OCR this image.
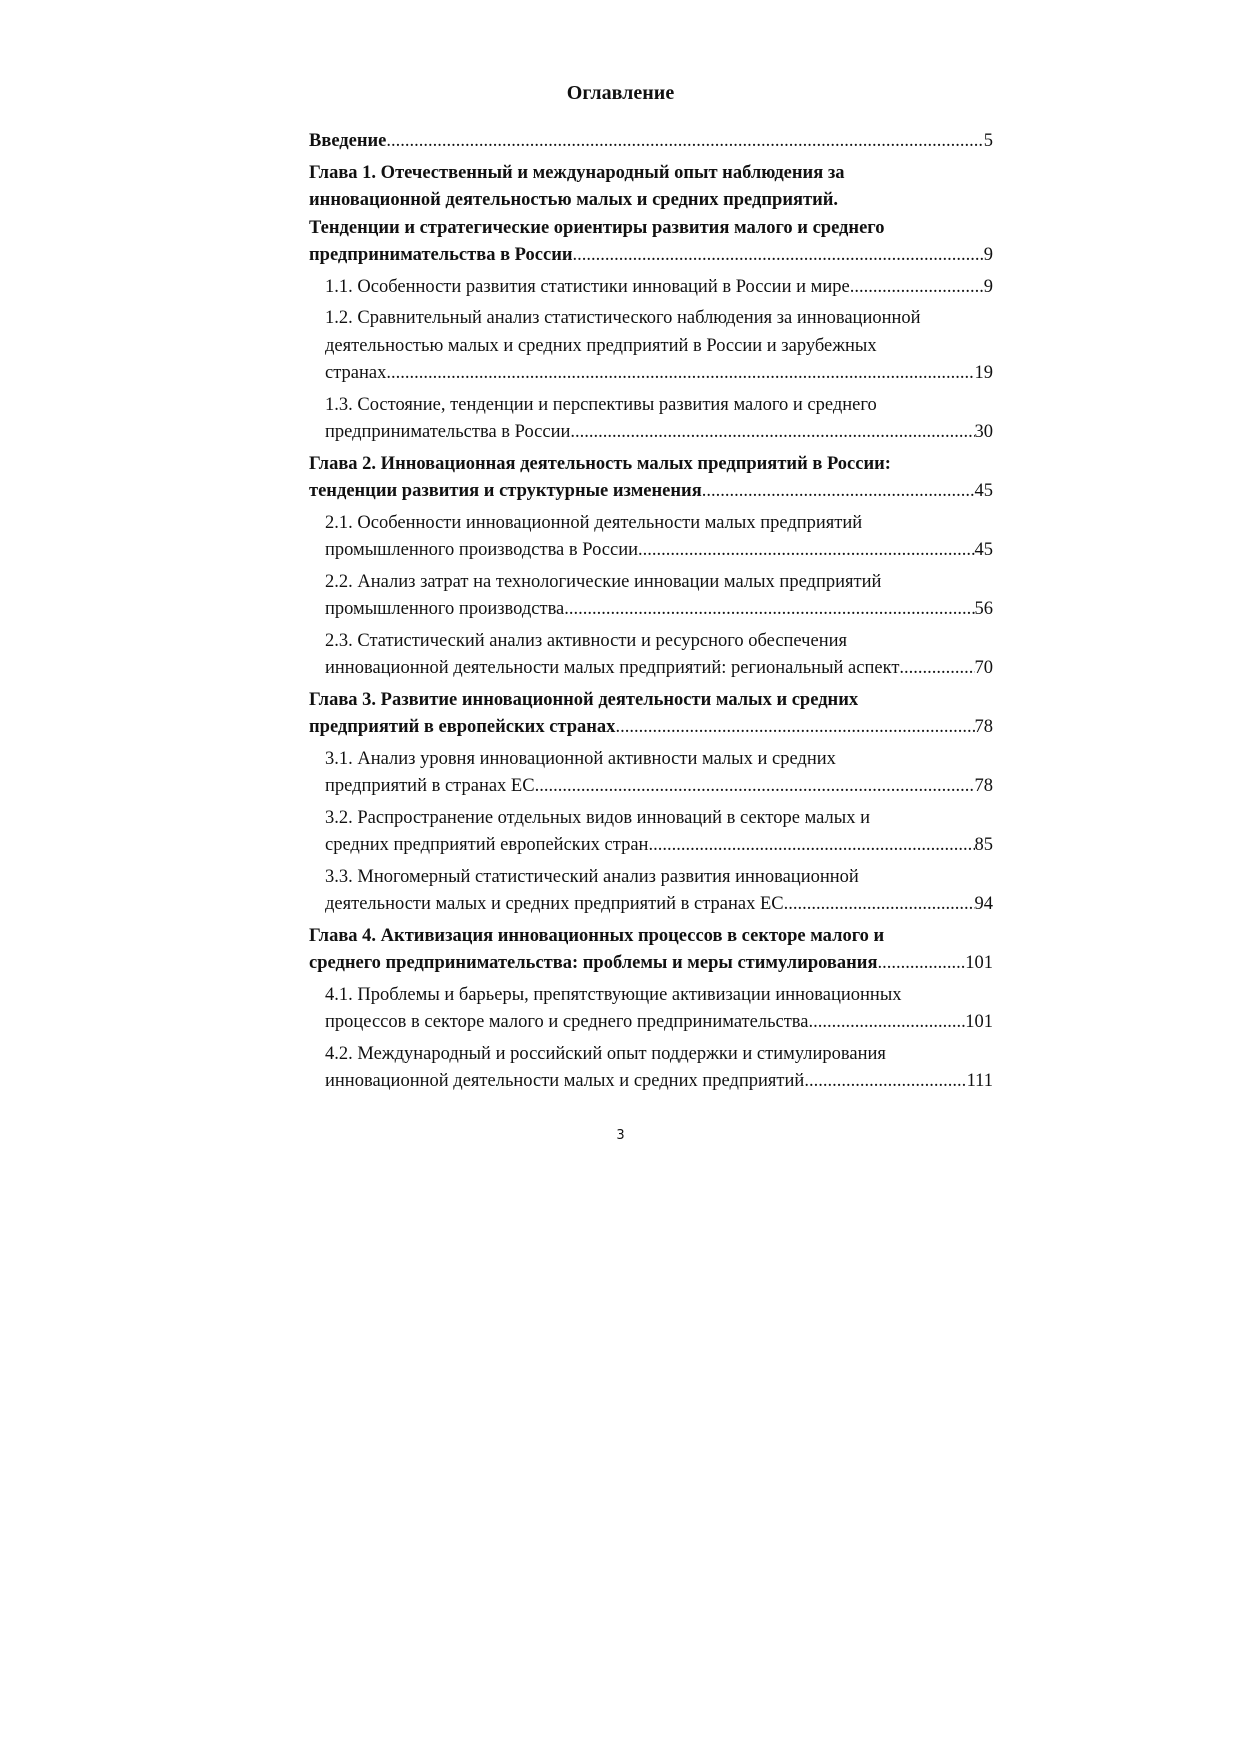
Оглавление
Введение .....	5
Глава 1. Отечественный и международный опыт наблюдения за
инновационной деятельностью малых и средних предприятий.
Тенденции и стратегические ориентиры развития малого и среднего
предпринимательства в России .....	9
1.1. Особенности развития статистики инноваций в России и мире .....	9
1.2. Сравнительный анализ статистического наблюдения за инновационной
деятельностью малых и средних предприятий в России и зарубежных
странах .....	19
1.3. Состояние, тенденции и перспективы развития малого и среднего
предпринимательства в России .....	30
Глава 2. Инновационная деятельность малых предприятий в России:
тенденции развития и структурные изменения .....	45
2.1. Особенности инновационной деятельности малых предприятий
промышленного производства в России .....	45
2.2. Анализ затрат на технологические инновации малых предприятий
промышленного производства .....	56
2.3. Статистический анализ активности и ресурсного обеспечения
инновационной деятельности малых предприятий: региональный аспект .....	70
Глава 3. Развитие инновационной деятельности малых и средних
предприятий в европейских странах .....	78
3.1. Анализ уровня инновационной активности малых и средних
предприятий в странах ЕС .....	78
3.2. Распространение отдельных видов инноваций в секторе малых и
средних предприятий европейских стран .....	85
3.3. Многомерный статистический анализ развития инновационной
деятельности малых и средних предприятий в странах ЕС .....	94
Глава 4. Активизация инновационных процессов в секторе малого и
среднего предпринимательства: проблемы и меры стимулирования .....	101
4.1. Проблемы и барьеры, препятствующие активизации инновационных
процессов в секторе малого и среднего предпринимательства .....	101
4.2. Международный и российский опыт поддержки и стимулирования
инновационной деятельности малых и средних предприятий .....	111
3
